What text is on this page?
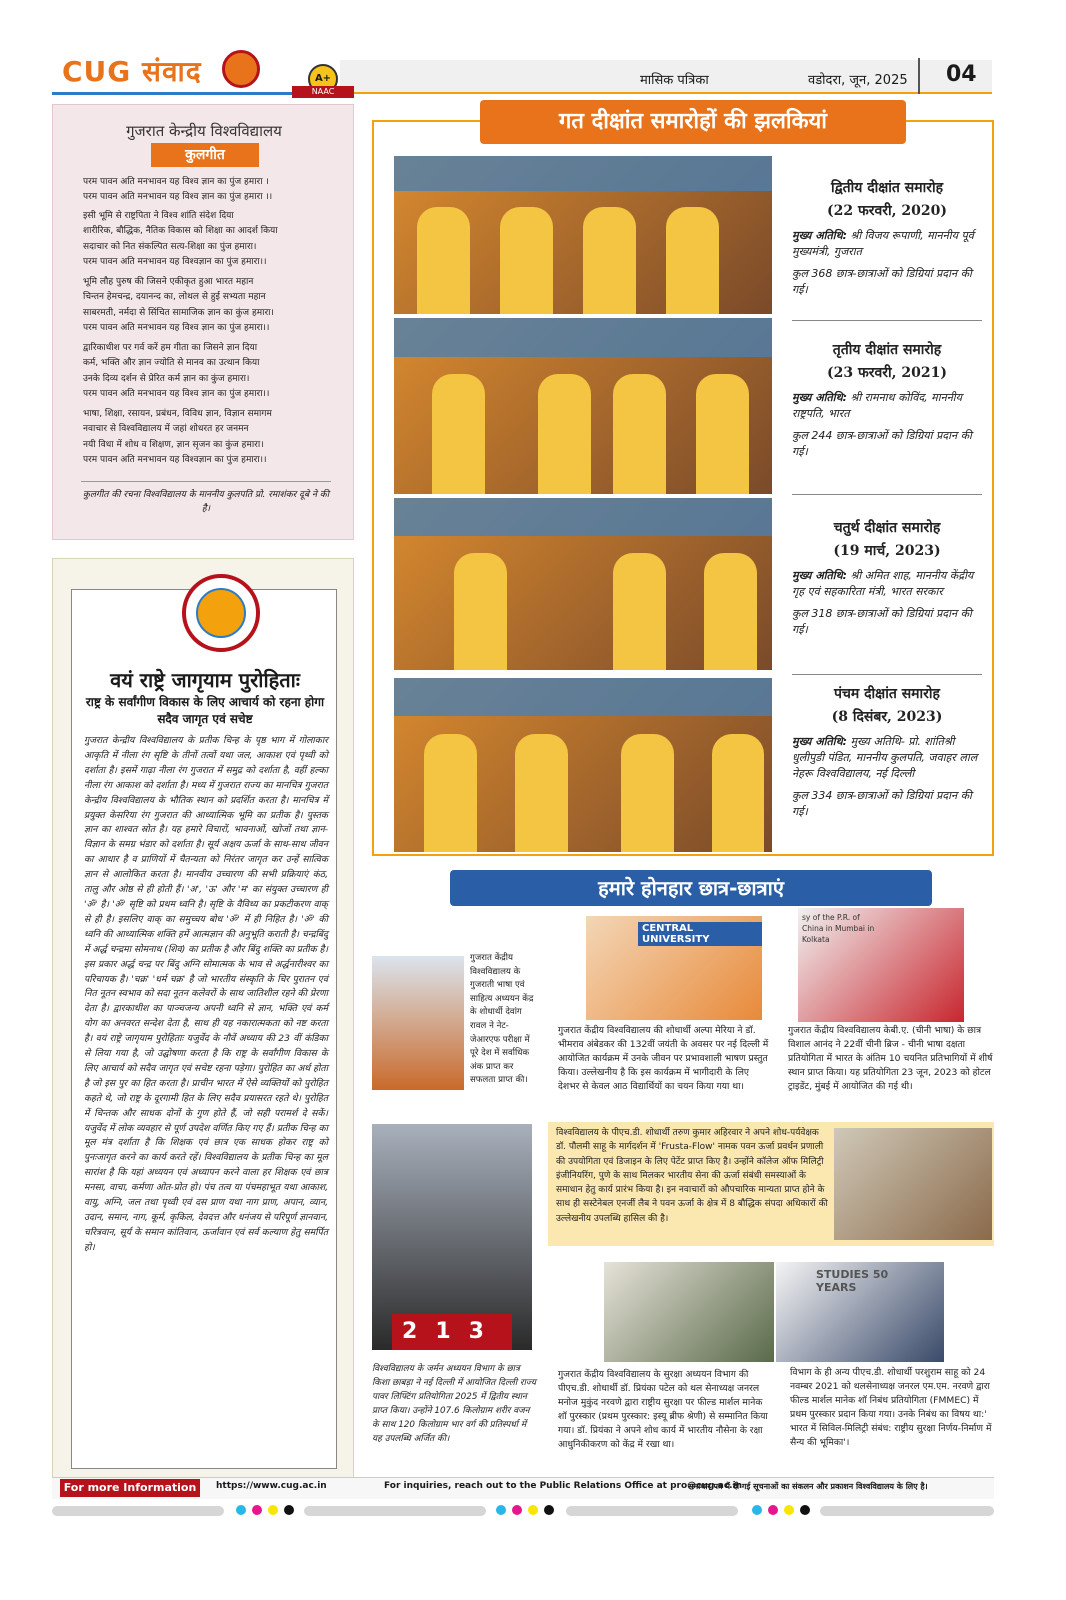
CUG संवाद	A+
NAAC
मासिक पत्रिका	वडोदरा, जून, 2025 04
गुजरात केन्द्रीय विश्वविद्यालय
कुलगीत
परम पावन अति मनभावन यह विश्व ज्ञान का पुंज हमारा ।
परम पावन अति मनभावन यह विश्व ज्ञान का पुंज हमारा ।।
इसी भूमि से राष्ट्रपिता ने विश्व शांति संदेश दिया
शारीरिक, बौद्धिक, नैतिक विकास को शिक्षा का आदर्श किया
सदाचार को नित संकल्पित सत्य-शिक्षा का पुंज हमारा।
परम पावन अति मनभावन यह विश्वज्ञान का पुंज हमारा।।
भूमि लौह पुरुष की जिसने एकीकृत हुआ भारत महान
चिन्तन हेमचन्द्र, दयानन्द का, लोथल से हुई सभ्यता महान
साबरमती, नर्मदा से सिंचित सामाजिक ज्ञान का कुंज हमारा।
परम पावन अति मनभावन यह विश्व ज्ञान का पुंज हमारा।।
द्वारिकाधीश पर गर्व करें हम गीता का जिसने ज्ञान दिया
कर्म, भक्ति और ज्ञान ज्योति से मानव का उत्थान किया
उनके दिव्य दर्शन से प्रेरित कर्म ज्ञान का कुंज हमारा।
परम पावन अति मनभावन यह विश्व ज्ञान का पुंज हमारा।।
भाषा, शिक्षा, रसायन, प्रबंधन, विविध ज्ञान, विज्ञान समागम
नवाचार से विश्वविद्यालय में जहां शोधरत हर जनमन
नयी विधा में शोध व शिक्षण, ज्ञान सृजन का कुंज हमारा।
परम पावन अति मनभावन यह विश्वज्ञान का पुंज हमारा।।
कुलगीत की रचना विश्वविद्यालय के माननीय कुलपति प्रो. रमाशंकर दूबे ने की है।
वयं राष्ट्रे जागृयाम पुरोहिताः
राष्ट्र के सर्वांगीण विकास के लिए आचार्य को रहना होगा सदैव जागृत एवं सचेष्ट
गुजरात केन्द्रीय विश्वविद्यालय के प्रतीक चिन्ह के पृष्ठ भाग में गोलाकार आकृति में नीला रंग सृष्टि के तीनों तत्वों यथा जल, आकाश एवं पृथ्वी को दर्शाता है। इसमें गाढ़ा नीला रंग गुजरात में समुद्र को दर्शाता है, वहीं हल्का नीला रंग आकाश को दर्शाता है। मध्य में गुजरात राज्य का मानचित्र गुजरात केन्द्रीय विश्वविद्यालय के भौतिक स्थान को प्रदर्शित करता है। मानचित्र में प्रयुक्त केसरिया रंग गुजरात की आध्यात्मिक भूमि का प्रतीक है। पुस्तक ज्ञान का शाश्वत स्रोत है। यह हमारे विचारों, भावनाओं, खोजों तथा ज्ञान-विज्ञान के समग्र भंडार को दर्शाता है। सूर्य अक्षय ऊर्जा के साथ-साथ जीवन का आधार है व प्राणियों में चैतन्यता को निरंतर जागृत कर उन्हें सात्विक ज्ञान से आलोकित करता है। मानवीय उच्चारण की सभी प्रक्रियाएं कंठ, तालु और ओष्ठ से ही होती हैं। 'अ', 'ऊ' और 'म' का संयुक्त उच्चारण ही 'ॐ' है। 'ॐ' सृष्टि को प्रथम ध्वनि है। सृष्टि के वैविध्य का प्रकटीकरण वाक् से ही है। इसलिए वाक् का समुच्चय बोध 'ॐ' में ही निहित है। 'ॐ' की ध्वनि की आध्यात्मिक शक्ति हमें आत्मज्ञान की अनुभूति कराती है। चन्द्रबिंदु में अर्द्ध चन्द्रमा सोमनाथ (शिव) का प्रतीक है और बिंदु शक्ति का प्रतीक है। इस प्रकार अर्द्ध चन्द्र पर बिंदु अग्नि सोमात्मक के भाव से अर्द्धनारीश्वर का परिचायक है। 'चक्र' 'धर्म चक्र' है जो भारतीय संस्कृति के चिर पुरातन एवं नित नूतन स्वभाव को सदा नूतन कलेवरों के साथ जातिशील रहने की प्रेरणा देता है। द्वारकाधीश का पाञ्चजन्य अपनी ध्वनि से ज्ञान, भक्ति एवं कर्म योग का अनवरत सन्देश देता है, साथ ही यह नकारात्मकता को नष्ट करता है। वयं राष्ट्रे जागृयाम पुरोहिताः यजुर्वेद के नौवें अध्याय की 23 वीं कंडिका से लिया गया है, जो उद्घोषणा करता है कि राष्ट्र के सर्वांगीण विकास के लिए आचार्य को सदैव जागृत एवं सचेष्ट रहना पड़ेगा। पुरोहित का अर्थ होता है जो इस पुर का हित करता है। प्राचीन भारत में ऐसे व्यक्तियों को पुरोहित कहते थे, जो राष्ट्र के दूरगामी हित के लिए सदैव प्रयासरत रहते थे। पुरोहित में चिन्तक और साधक दोनों के गुण होते हैं, जो सही परामर्श दे सकें। यजुर्वेद में लोक व्यवहार से पूर्ण उपदेश वर्णित किए गए हैं। प्रतीक चिन्ह का मूल मंत्र दर्शाता है कि शिक्षक एवं छात्र एक साधक होकर राष्ट्र को पुनःजागृत करने का कार्य करते रहें। विश्वविद्यालय के प्रतीक चिन्ह का मूल सारांश है कि यहां अध्ययन एवं अध्यापन करने वाला हर शिक्षक एवं छात्र मनसा, वाचा, कर्मणा ओत-प्रोत हो। पंच तत्व या पंचमहाभूत यथा आकाश, वायु, अग्नि, जल तथा पृथ्वी एवं दस प्राण यथा नाग प्राण, अपान, व्यान, उदान, समान, नाग, कूर्म, कृकिल, देवदत्त और धनंजय से परिपूर्ण ज्ञानवान, चरित्रवान, सूर्य के समान कांतिवान, ऊर्जावान एवं सर्व कल्याण हेतु समर्पित हो।
गत दीक्षांत समारोहों की झलकियां
द्वितीय दीक्षांत समारोह
(22 फरवरी, 2020)
मुख्य अतिथि: श्री विजय रूपाणी, माननीय पूर्व मुख्यमंत्री, गुजरात
कुल 368 छात्र-छात्राओं को डिग्रियां प्रदान की गई।
तृतीय दीक्षांत समारोह
(23 फरवरी, 2021)
मुख्य अतिथि: श्री रामनाथ कोविंद, माननीय राष्ट्रपति, भारत
कुल 244 छात्र-छात्राओं को डिग्रियां प्रदान की गई।
चतुर्थ दीक्षांत समारोह
(19 मार्च, 2023)
मुख्य अतिथि: श्री अमित शाह, माननीय केंद्रीय गृह एवं सहकारिता मंत्री, भारत सरकार
कुल 318 छात्र-छात्राओं को डिग्रियां प्रदान की गई।
पंचम दीक्षांत समारोह
(8 दिसंबर, 2023)
मुख्य अतिथि: मुख्य अतिथि- प्रो. शांतिश्री धुलीपुडी पंडित, माननीय कुलपति, जवाहर लाल नेहरू विश्वविद्यालय, नई दिल्ली
कुल 334 छात्र-छात्राओं को डिग्रियां प्रदान की गई।
हमारे होनहार छात्र-छात्राएं
गुजरात केंद्रीय विश्वविद्यालय के गुजराती भाषा एवं साहित्य अध्ययन केंद्र के शोधार्थी देवांग रावल ने नेट-जेआरएफ परीक्षा में पूरे देश में सर्वाधिक अंक प्राप्त कर सफलता प्राप्त की।
CENTRAL UNIVERSITY
गुजरात केंद्रीय विश्वविद्यालय की शोधार्थी अल्पा मेरिया ने डॉ. भीमराव अंबेडकर की 132वीं जयंती के अवसर पर नई दिल्ली में आयोजित कार्यक्रम में उनके जीवन पर प्रभावशाली भाषण प्रस्तुत किया। उल्लेखनीय है कि इस कार्यक्रम में भागीदारी के लिए देशभर से केवल आठ विद्यार्थियों का चयन किया गया था।
sy of the P.R. of China in Mumbai in Kolkata
गुजरात केंद्रीय विश्वविद्यालय केबी.ए. (चीनी भाषा) के छात्र विशाल आनंद ने 22वीं चीनी ब्रिज - चीनी भाषा दक्षता प्रतियोगिता में भारत के अंतिम 10 चयनित प्रतिभागियों में शीर्ष स्थान प्राप्त किया। यह प्रतियोगिता 23 जून, 2023 को होटल ट्राइडेंट, मुंबई में आयोजित की गई थी।
विश्वविद्यालय के पीएच.डी. शोधार्थी तरुण कुमार अहिरवार ने अपने शोध-पर्यवेक्षक डॉ. पौलमी साहू के मार्गदर्शन में 'Frusta-Flow' नामक पवन ऊर्जा प्रवर्धन प्रणाली की उपयोगिता एवं डिजाइन के लिए पेटेंट प्राप्त किए है। उन्होंने कॉलेज ऑफ मिलिट्री इंजीनियरिंग, पुणे के साथ मिलकर भारतीय सेना की ऊर्जा संबंधी समस्याओं के समाधान हेतु कार्य प्रारंभ किया है। इन नवाचारों को औपचारिक मान्यता प्राप्त होने के साथ ही सस्टेनेबल एनर्जी लैब ने पवन ऊर्जा के क्षेत्र में 8 बौद्धिक संपदा अधिकारों की उल्लेखनीय उपलब्धि हासिल की है।
213
विश्वविद्यालय के जर्मन अध्ययन विभाग के छात्र किशा छाबड़ा ने नई दिल्ली में आयोजित दिल्ली राज्य पावर लिफ्टिंग प्रतियोगिता 2025 में द्वितीय स्थान प्राप्त किया। उन्होंने 107.6 किलोग्राम शरीर वजन के साथ 120 किलोग्राम भार वर्ग की प्रतिस्पर्धा में यह उपलब्धि अर्जित की।
गुजरात केंद्रीय विश्वविद्यालय के सुरक्षा अध्ययन विभाग की पीएच.डी. शोधार्थी डॉ. प्रियंका पटेल को थल सेनाध्यक्ष जनरल मनोज मुकुंद नरवणे द्वारा राष्ट्रीय सुरक्षा पर फील्ड मार्शल मानेक शॉ पुरस्कार (प्रथम पुरस्कार: इस्यू ब्रीफ श्रेणी) से सम्मानित किया गया। डॉ. प्रियंका ने अपने शोध कार्य में भारतीय नौसेना के रक्षा आधुनिकीकरण को केंद्र में रखा था।
STUDIES 50 YEARS
विभाग के ही अन्य पीएच.डी. शोधार्थी परशुराम साहू को 24 नवम्बर 2021 को थलसेनाध्यक्ष जनरल एम.एम. नरवणे द्वारा फील्ड मार्शल मानेक शॉ निबंध प्रतियोगिता (FMMEC) में प्रथम पुरस्कार प्रदान किया गया। उनके निबंध का विषय था:' भारत में सिविल-मिलिट्री संबंध: राष्ट्रीय सुरक्षा निर्णय-निर्माण में सैन्य की भूमिका'।
For more Information	https://www.cug.ac.in	For inquiries, reach out to the Public Relations Office at pro@cug.ac.in
समाचार पत्र में दी गई सूचनाओं का संकलन और प्रकाशन विश्वविद्यालय के लिए है।
